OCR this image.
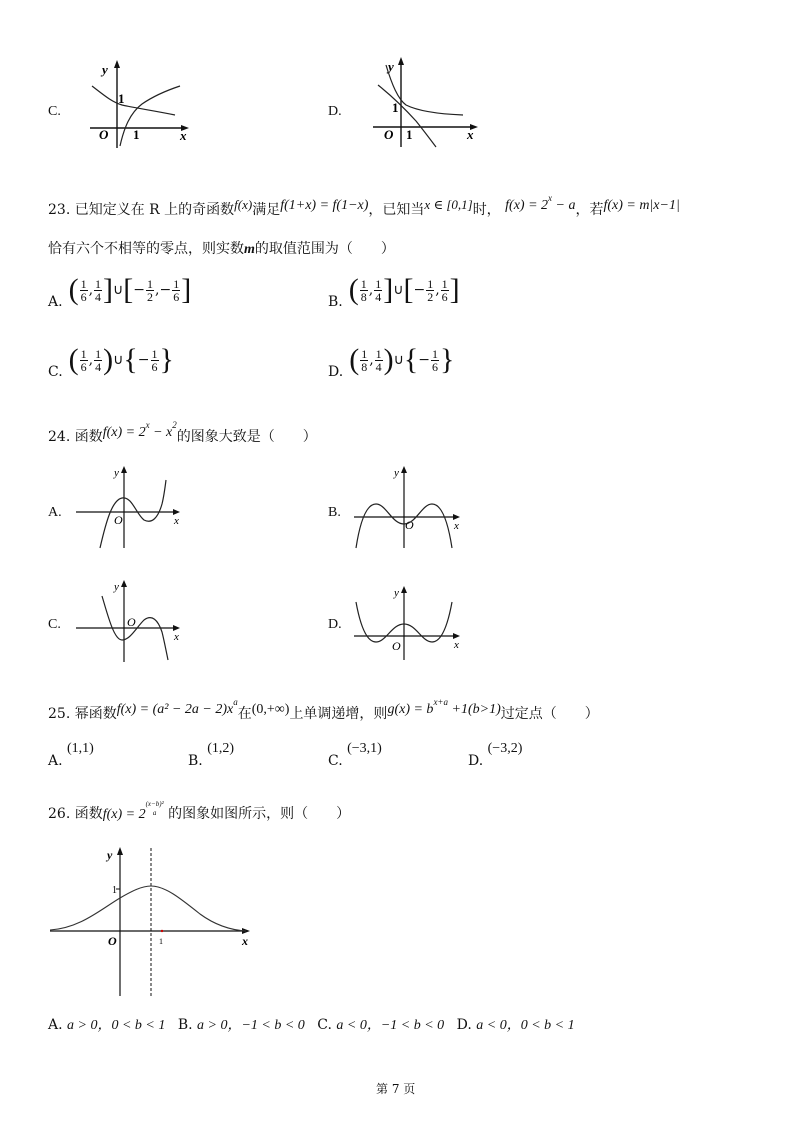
C.
y
x
O
1
1
D.
y
x
O
1
1
23. 已知定义在 R 上的奇函数f(x)满足f(1+x) = f(1−x)，已知当x ∈ [0,1]时， $f(x) = 2^x - a$，若f(x) = m|x−1|
恰有六个不相等的零点，则实数m的取值范围为（　　）
A. ( $\frac{1}{6}$ , $\frac{1}{4}$ ] ∪ [ − $\frac{1}{2}$ ,− $\frac{1}{6}$ ]	B. ( $\frac{1}{8}$ , $\frac{1}{4}$ ] ∪ [ − $\frac{1}{2}$ , $\frac{1}{6}$ ]
C. ( $\frac{1}{6}$ , $\frac{1}{4}$ ) ∪ { − $\frac{1}{6}$ }	D. ( $\frac{1}{8}$ , $\frac{1}{4}$ ) ∪ { − $\frac{1}{6}$ }
24. 函数$f(x) = 2^x - x^2$的图象大致是（　　）
A.
y
x
O	B.
y
x
O
C.
y
x
O	D.
y
x
O
25. 幂函数$f(x) = (a^2 - 2a - 2)x^a$在(0,+∞)上单调递增，则$g(x) = b^{x+a} +1(b>1)$过定点（　　）
A. (1,1)
B. (1,2)
C. (−3,1)
D. (−3,2)
26. 函数f(x) = 2
(x−b)²
a 的图象如图所示，则（　　）
y
x
O
1
1
A. a > 0，0 < b < 1 B. a > 0，−1 < b < 0 C. a < 0，−1 < b < 0 D. a < 0，0 < b < 1
第 7 页
